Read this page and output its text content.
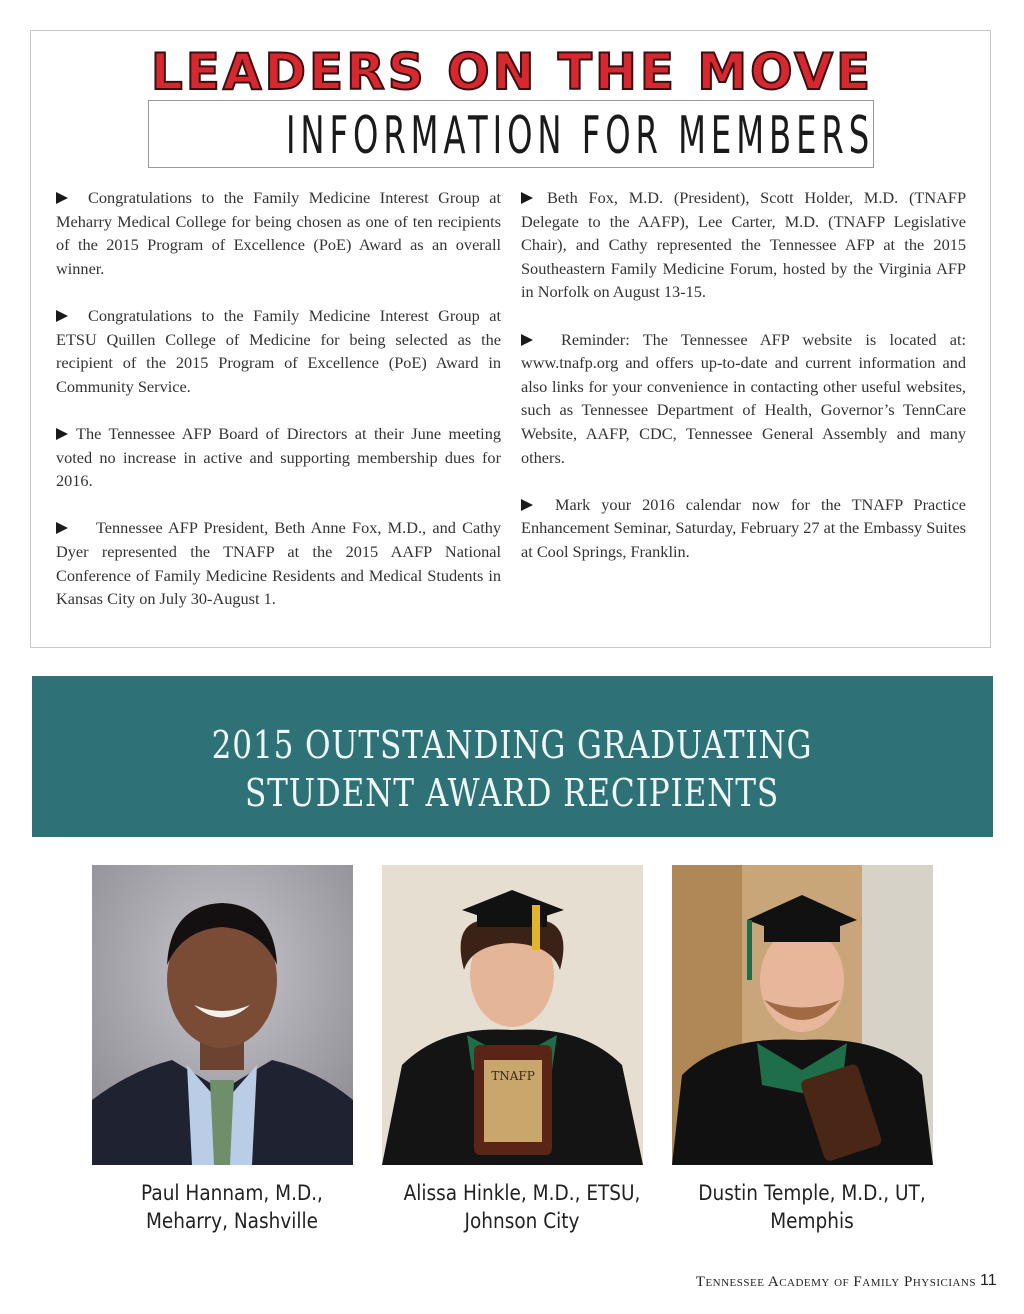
LEADERS ON THE MOVE
INFORMATION FOR MEMBERS

Congratulations to the Family Medicine Interest Group at Meharry Medical College for being chosen as one of ten recipients of the 2015 Program of Excellence (PoE) Award as an overall winner.

Congratulations to the Family Medicine Interest Group at ETSU Quillen College of Medicine for being selected as the recipient of the 2015 Program of Excellence (PoE) Award in Community Service.

The Tennessee AFP Board of Directors at their June meeting voted no increase in active and supporting membership dues for 2016.

Tennessee AFP President, Beth Anne Fox, M.D., and Cathy Dyer represented the TNAFP at the 2015 AAFP National Conference of Family Medicine Residents and Medical Students in Kansas City on July 30-August 1.

Beth Fox, M.D. (President), Scott Holder, M.D. (TNAFP Delegate to the AAFP), Lee Carter, M.D. (TNAFP Legislative Chair), and Cathy represented the Tennessee AFP at the 2015 Southeastern Family Medicine Forum, hosted by the Virginia AFP in Norfolk on August 13-15.

Reminder: The Tennessee AFP website is located at: www.tnafp.org and offers up-to-date and current information and also links for your convenience in contacting other useful websites, such as Tennessee Department of Health, Governor’s TennCare Website, AAFP, CDC, Tennessee General Assembly and many others.

Mark your 2016 calendar now for the TNAFP Practice Enhancement Seminar, Saturday, February 27 at the Embassy Suites at Cool Springs, Franklin.

2015 OUTSTANDING GRADUATING
STUDENT AWARD RECIPIENTS
TNAFP
Paul Hannam, M.D.,
Meharry, Nashville
Alissa Hinkle, M.D., ETSU,
Johnson City
Dustin Temple, M.D., UT,
Memphis
Tennessee Academy of Family Physicians 11
